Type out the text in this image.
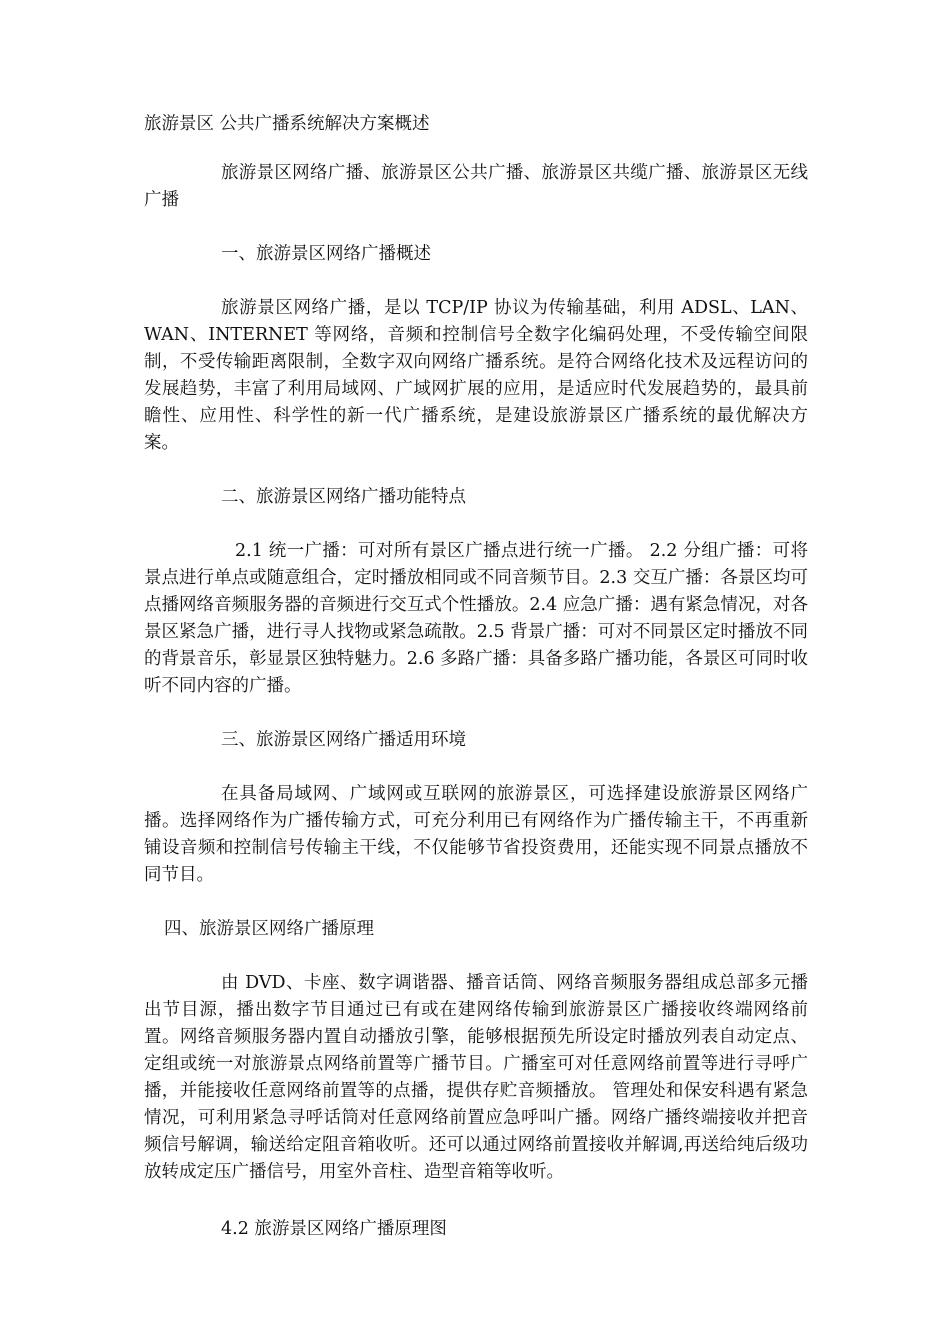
旅游景区 公共广播系统解决方案概述

旅游景区网络广播、旅游景区公共广播、旅游景区共缆广播、旅游景区无线广播

一、旅游景区网络广播概述

旅游景区网络广播，是以 TCP/IP 协议为传输基础，利用 ADSL、LAN、WAN、INTERNET 等网络，音频和控制信号全数字化编码处理，不受传输空间限制，不受传输距离限制，全数字双向网络广播系统。是符合网络化技术及远程访问的发展趋势，丰富了利用局域网、广域网扩展的应用，是适应时代发展趋势的，最具前瞻性、应用性、科学性的新一代广播系统，是建设旅游景区广播系统的最优解决方案。

二、旅游景区网络广播功能特点

2.1 统一广播：可对所有景区广播点进行统一广播。 2.2 分组广播：可将景点进行单点或随意组合，定时播放相同或不同音频节目。2.3 交互广播：各景区均可点播网络音频服务器的音频进行交互式个性播放。2.4 应急广播：遇有紧急情况，对各景区紧急广播，进行寻人找物或紧急疏散。2.5 背景广播：可对不同景区定时播放不同的背景音乐，彰显景区独特魅力。2.6 多路广播：具备多路广播功能，各景区可同时收听不同内容的广播。

三、旅游景区网络广播适用环境

在具备局域网、广域网或互联网的旅游景区，可选择建设旅游景区网络广播。选择网络作为广播传输方式，可充分利用已有网络作为广播传输主干，不再重新铺设音频和控制信号传输主干线，不仅能够节省投资费用，还能实现不同景点播放不同节目。

四、旅游景区网络广播原理

由 DVD、卡座、数字调谐器、播音话筒、网络音频服务器组成总部多元播出节目源，播出数字节目通过已有或在建网络传输到旅游景区广播接收终端网络前置。网络音频服务器内置自动播放引擎，能够根据预先所设定时播放列表自动定点、定组或统一对旅游景点网络前置等广播节目。广播室可对任意网络前置等进行寻呼广播，并能接收任意网络前置等的点播，提供存贮音频播放。 管理处和保安科遇有紧急情况，可利用紧急寻呼话筒对任意网络前置应急呼叫广播。网络广播终端接收并把音频信号解调，输送给定阻音箱收听。还可以通过网络前置接收并解调,再送给纯后级功放转成定压广播信号，用室外音柱、造型音箱等收听。

4.2 旅游景区网络广播原理图
